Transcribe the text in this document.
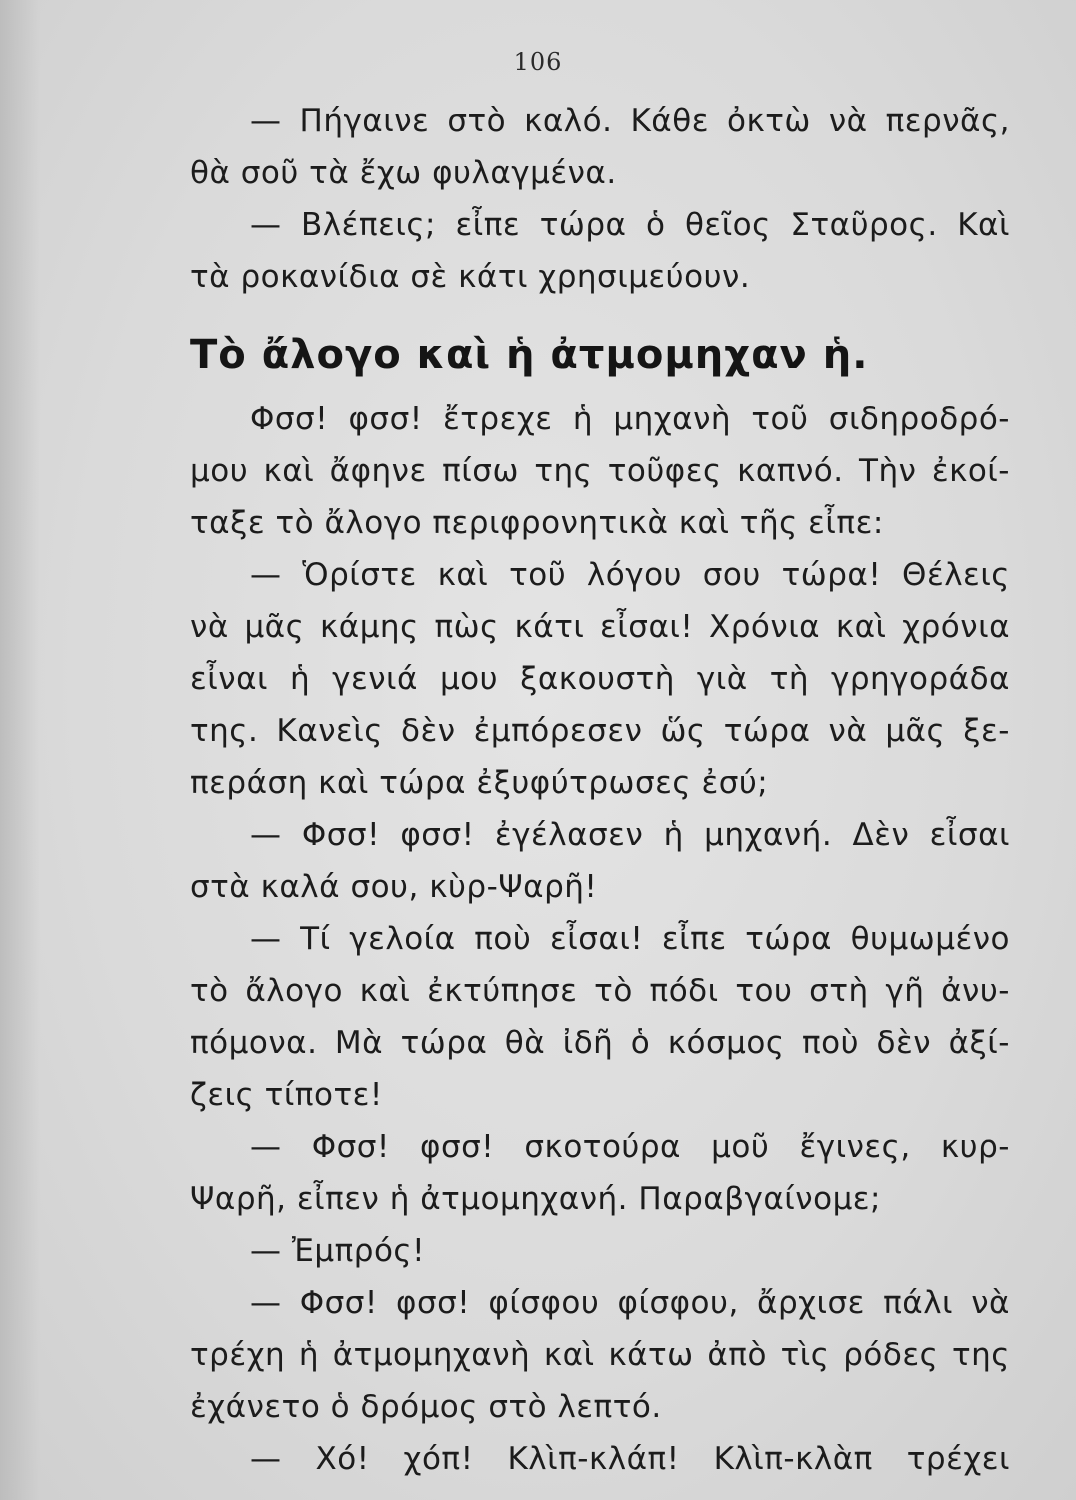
106
— Πήγαινε στὸ καλό. Κάθε ὀκτὼ νὰ περνᾶς,
θὰ σοῦ τὰ ἔχω φυλαγμένα.
— Βλέπεις; εἶπε τώρα ὁ θεῖος Σταῦρος. Καὶ
τὰ ροκανίδια σὲ κάτι χρησιμεύουν.
Τὸ ἄλογο καὶ ἡ ἀτμομηχαν ἡ.
Φσσ! φσσ! ἔτρεχε ἡ μηχανὴ τοῦ σιδηροδρό-
μου καὶ ἄφηνε πίσω της τοῦφες καπνό. Τὴν ἐκοί-
ταξε τὸ ἄλογο περιφρονητικὰ καὶ τῆς εἶπε:
— Ὁρίστε καὶ τοῦ λόγου σου τώρα! Θέλεις
νὰ μᾶς κάμης πὼς κάτι εἶσαι! Χρόνια καὶ χρόνια
εἶναι ἡ γενιά μου ξακουστὴ γιὰ τὴ γρηγοράδα
της. Κανεὶς δὲν ἐμπόρεσεν ὥς τώρα νὰ μᾶς ξε-
περάση καὶ τώρα ἐξυφύτρωσες ἐσύ;
— Φσσ! φσσ! ἐγέλασεν ἡ μηχανή. Δὲν εἶσαι
στὰ καλά σου, κὺρ-Ψαρῆ!
— Τί γελοία ποὺ εἶσαι! εἶπε τώρα θυμωμένο
τὸ ἄλογο καὶ ἐκτύπησε τὸ πόδι του στὴ γῆ ἀνυ-
πόμονα. Μὰ τώρα θὰ ἰδῆ ὁ κόσμος ποὺ δὲν ἀξί-
ζεις τίποτε!
— Φσσ! φσσ! σκοτούρα μοῦ ἔγινες, κυρ-
Ψαρῆ, εἶπεν ἡ ἀτμομηχανή. Παραβγαίνομε;
— Ἐμπρός!
— Φσσ! φσσ! φίσφου φίσφου, ἄρχισε πάλι νὰ
τρέχη ἡ ἀτμομηχανὴ καὶ κάτω ἀπὸ τὶς ρόδες της
ἐχάνετο ὁ δρόμος στὸ λεπτό.
— Χό! χόπ! Κλὶπ-κλάπ! Κλὶπ-κλὰπ τρέχει
